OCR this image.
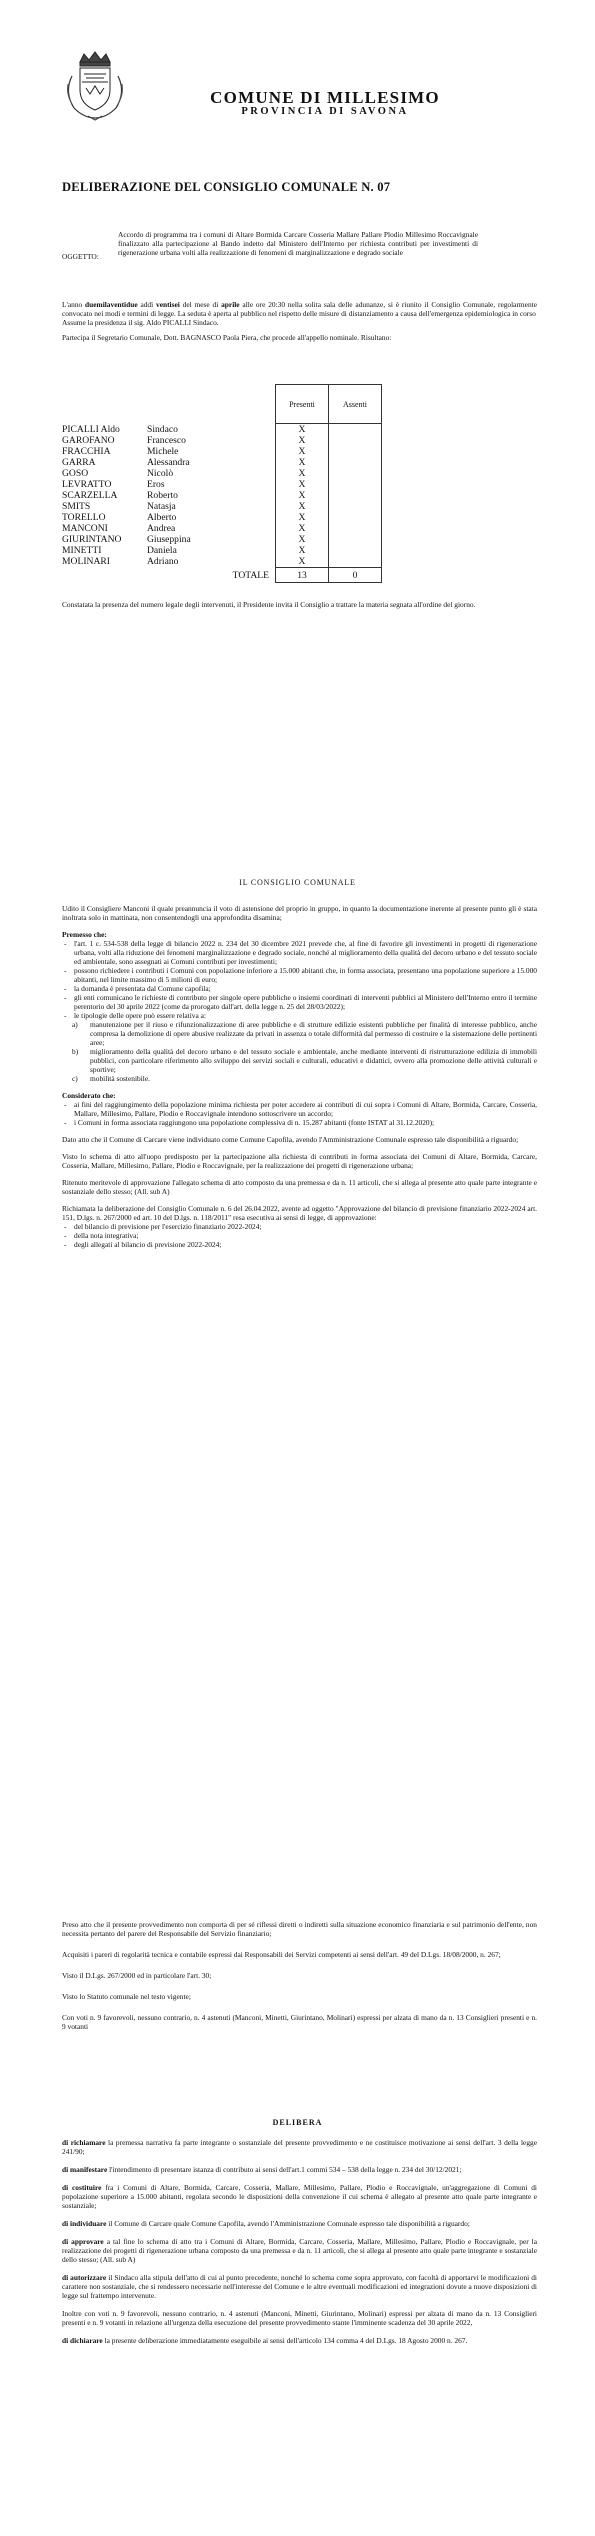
COMUNE DI MILLESIMO
PROVINCIA DI SAVONA
DELIBERAZIONE DEL CONSIGLIO COMUNALE N. 07
OGGETTO:
Accordo di programma tra i comuni di Altare Bormida Carcare Cosseria Mallare Pallare Plodio Millesimo Roccavignale finalizzato alla partecipazione al Bando indetto dal Ministero dell'Interno per richiesta contributi per investimenti di rigenerazione urbana volti alla realizzazione di fenomeni di marginalizzazione e degrado sociale

L'anno duemilaventidue addì ventisei del mese di aprile alle ore 20:30 nella solita sala delle adunanze, si è riunito il Consiglio Comunale, regolarmente convocato nei modi e termini di legge. La seduta è aperta al pubblico nel rispetto delle misure di distanziamento a causa dell'emergenza epidemiologica in corso

Assume la presidenza il sig. Aldo PICALLI Sindaco.

Partecipa il Segretario Comunale, Dott. BAGNASCO Paola Piera, che procede all'appello nominale. Risultano:

		Presenti	Assenti
PICALLI Aldo	Sindaco	X	
GAROFANO	Francesco	X	
FRACCHIA	Michele	X	
GARRA	Alessandra	X	
GOSO	Nicolò	X	
LEVRATTO	Eros	X	
SCARZELLA	Roberto	X	
SMITS	Natasja	X	
TORELLO	Alberto	X	
MANCONI	Andrea	X	
GIURINTANO	Giuseppina	X	
MINETTI	Daniela	X	
MOLINARI	Adriano	X	
	TOTALE	13	0

Constatata la presenza del numero legale degli intervenuti, il Presidente invita il Consiglio a trattare la materia segnata all'ordine del giorno.

IL CONSIGLIO COMUNALE

Udito il Consigliere Manconi il quale preannuncia il voto di astensione del proprio in gruppo, in quanto la documentazione inerente al presente punto gli è stata inoltrata solo in mattinata, non consentendogli una approfondita disamina;

Premesso che:

- l'art. 1 c. 534-538 della legge di bilancio 2022 n. 234 del 30 dicembre 2021 prevede che, al fine di favorire gli investimenti in progetti di rigenerazione urbana, volti alla riduzione dei fenomeni marginalizzazione e degrado sociale, nonché al miglioramento della qualità del decoro urbano e del tessuto sociale ed ambientale, sono assegnati ai Comuni contributi per investimenti;
- possono richiedere i contributi i Comuni con popolazione inferiore a 15.000 abitanti che, in forma associata, presentano una popolazione superiore a 15.000 abitanti, nel limite massimo di 5 milioni di euro;
- la domanda è presentata dal Comune capofila;
- gli enti comunicano le richieste di contributo per singole opere pubbliche o insiemi coordinati di interventi pubblici al Ministero dell'Interno entro il termine perentorio del 30 aprile 2022 (come da prorogato dall'art. della legge n. 25 del 28/03/2022);
- le tipologie delle opere può essere relativa a:
a) manutenzione per il riuso e rifunzionalizzazione di aree pubbliche e di strutture edilizie esistenti pubbliche per finalità di interesse pubblico, anche compresa la demolizione di opere abusive realizzate da privati in assenza o totale difformità dal permesso di costruire e la sistemazione delle pertinenti aree;
b) miglioramento della qualità del decoro urbano e del tessuto sociale e ambientale, anche mediante interventi di ristrutturazione edilizia di immobili pubblici, con particolare riferimento allo sviluppo dei servizi sociali e culturali, educativi e didattici, ovvero alla promozione delle attività culturali e sportive;
c) mobilità sostenibile.

Considerato che:

- ai fini del raggiungimento della popolazione minima richiesta per poter accedere ai contributi di cui sopra i Comuni di Altare, Bormida, Carcare, Cosseria, Mallare, Millesimo, Pallare, Plodio e Roccavignale intendono sottoscrivere un accordo;
- i Comuni in forma associata raggiungono una popolazione complessiva di n. 15.287 abitanti (fonte ISTAT al 31.12.2020);

Dato atto che il Comune di Carcare viene individuato come Comune Capofila, avendo l'Amministrazione Comunale espresso tale disponibilità a riguardo;

Visto lo schema di atto all'uopo predisposto per la partecipazione alla richiesta di contributi in forma associata dei Comuni di Altare, Bormida, Carcare, Cosseria, Mallare, Millesimo, Pallare, Plodio e Roccavignale, per la realizzazione dei progetti di rigenerazione urbana;

Ritenuto meritevole di approvazione l'allegato schema di atto composto da una premessa e da n. 11 articoli, che si allega al presente atto quale parte integrante e sostanziale dello stesso; (All. sub A)

Richiamata la deliberazione del Consiglio Comunale n. 6 del 26.04.2022, avente ad oggetto "Approvazione del bilancio di previsione finanziario 2022-2024 art. 151, D.lgs. n. 267/2000 ed art. 10 del D.lgs. n. 118/2011" resa esecutiva ai sensi di legge, di approvazione:

- del bilancio di previsione per l'esercizio finanziario 2022-2024;
- della nota integrativa;
- degli allegati al bilancio di previsione 2022-2024;

Preso atto che il presente provvedimento non comporta di per sé riflessi diretti o indiretti sulla situazione economico finanziaria e sul patrimonio dell'ente, non necessita pertanto del parere del Responsabile del Servizio finanziario;

Acquisiti i pareri di regolarità tecnica e contabile espressi dai Responsabili dei Servizi competenti ai sensi dell'art. 49 del D.Lgs. 18/08/2000, n. 267;

Visto il D.Lgs. 267/2000 ed in particolare l'art. 30;

Visto lo Statuto comunale nel testo vigente;

Con voti n. 9 favorevoli, nessuno contrario, n. 4 astenuti (Manconi, Minetti, Giurintano, Molinari) espressi per alzata di mano da n. 13 Consiglieri presenti e n. 9 votanti

DELIBERA

di richiamare la premessa narrativa fa parte integrante o sostanziale del presente provvedimento e ne costituisce motivazione ai sensi dell'art. 3 della legge 241/90;

di manifestare l'intendimento di presentare istanza di contributo ai sensi dell'art.1 commi 534 – 538 della legge n. 234 del 30/12/2021;

di costituire fra i Comuni di Altare, Bormida, Carcare, Cosseria, Mallare, Millesimo, Pallare, Plodio e Roccavignale, un'aggregazione di Comuni di popolazione superiore a 15.000 abitanti, regolata secondo le disposizioni della convenzione il cui schema è allegato al presente atto quale parte integrante e sostanziale;

di individuare il Comune di Carcare quale Comune Capofila, avendo l'Amministrazione Comunale espresso tale disponibilità a riguardo;

di approvare a tal fine lo schema di atto tra i Comuni di Altare, Bormida, Carcare, Cosseria, Mallare, Millesimo, Pallare, Plodio e Roccavignale, per la realizzazione dei progetti di rigenerazione urbana composto da una premessa e da n. 11 articoli, che si allega al presente atto quale parte integrante e sostanziale dello stesso; (All. sub A)

di autorizzare il Sindaco alla stipula dell'atto di cui al punto precedente, nonché lo schema come sopra approvato, con facoltà di apportarvi le modificazioni di carattere non sostanziale, che si rendessero necessarie nell'interesse del Comune e le altre eventuali modificazioni ed integrazioni dovute a nuove disposizioni di legge sul frattempo intervenute.

Inoltre con voti n. 9 favorevoli, nessuno contrario, n. 4 astenuti (Manconi, Minetti, Giurintano, Molinari) espressi per alzata di mano da n. 13 Consiglieri presenti e n. 9 votanti in relazione all'urgenza della esecuzione del presente provvedimento stante l'imminente scadenza del 30 aprile 2022,

di dichiarare la presente deliberazione immediatamente eseguibile ai sensi dell'articolo 134 comma 4 del D.Lgs. 18 Agosto 2000 n. 267.
